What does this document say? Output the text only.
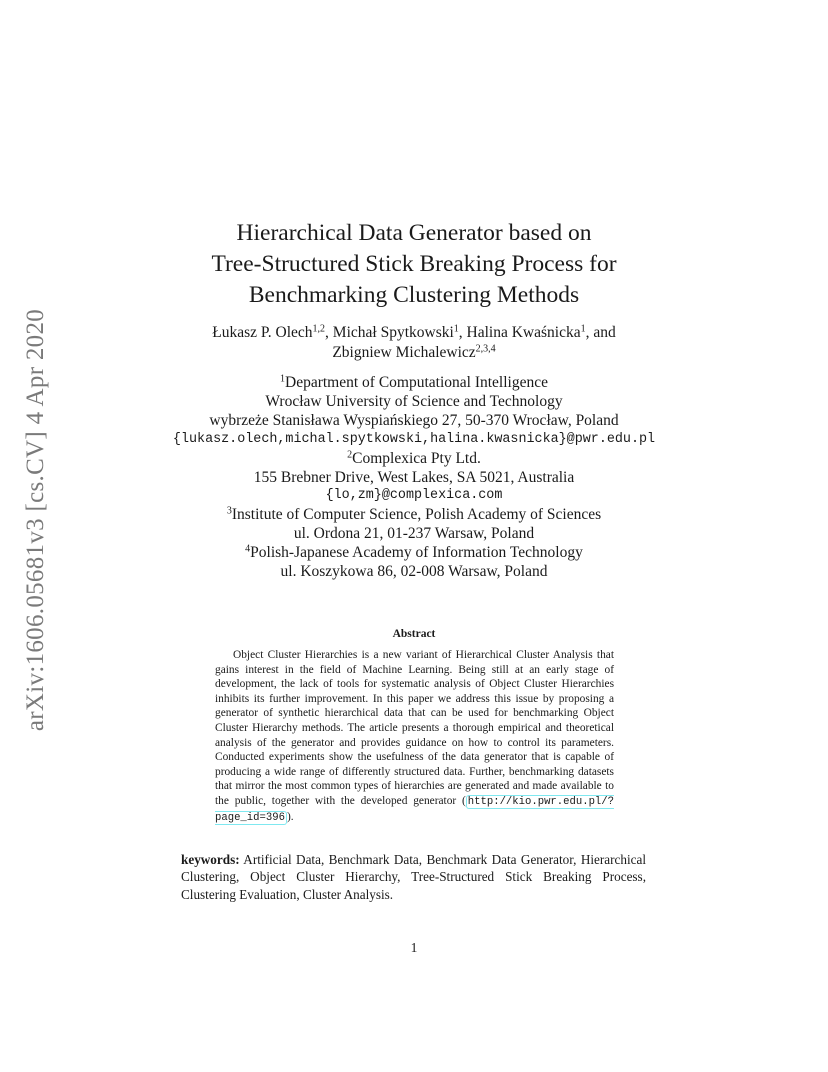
arXiv:1606.05681v3 [cs.CV] 4 Apr 2020
Hierarchical Data Generator based on
Tree-Structured Stick Breaking Process for
Benchmarking Clustering Methods
Łukasz P. Olech$^{1,2}$, Michał Spytkowski$^1$, Halina Kwaśnicka$^1$, and
Zbigniew Michalewicz$^{2,3,4}$
$^1$Department of Computational Intelligence
Wrocław University of Science and Technology
wybrzeże Stanisława Wyspiańskiego 27, 50-370 Wrocław, Poland
{lukasz.olech,michal.spytkowski,halina.kwasnicka}@pwr.edu.pl
$^2$Complexica Pty Ltd.
155 Brebner Drive, West Lakes, SA 5021, Australia
{lo,zm}@complexica.com
$^3$Institute of Computer Science, Polish Academy of Sciences
ul. Ordona 21, 01-237 Warsaw, Poland
$^4$Polish-Japanese Academy of Information Technology
ul. Koszykowa 86, 02-008 Warsaw, Poland
Abstract
Object Cluster Hierarchies is a new variant of Hierarchical Cluster Analysis that gains interest in the field of Machine Learning. Being still at an early stage of development, the lack of tools for systematic analysis of Object Cluster Hierarchies inhibits its further improvement. In this paper we address this issue by proposing a generator of synthetic hierarchical data that can be used for benchmarking Object Cluster Hierarchy methods. The article presents a thorough empirical and theoretical analysis of the generator and provides guidance on how to control its parameters. Conducted experiments show the usefulness of the data generator that is capable of producing a wide range of differently structured data. Further, benchmarking datasets that mirror the most common types of hierarchies are generated and made available to the public, together with the developed generator ( http://kio.pwr.edu.pl/?page_id=396 ).
keywords: Artificial Data, Benchmark Data, Benchmark Data Generator, Hierarchical Clustering, Object Cluster Hierarchy, Tree-Structured Stick Breaking Process, Clustering Evaluation, Cluster Analysis.
1
